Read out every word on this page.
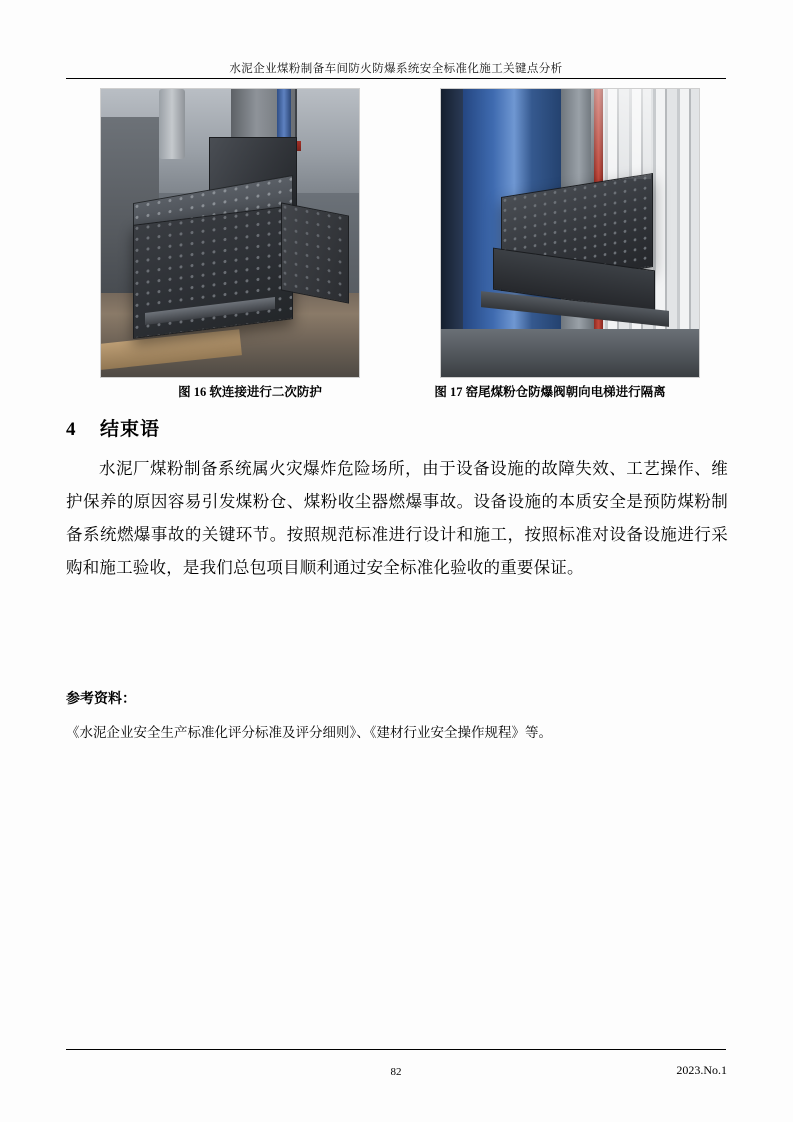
水泥企业煤粉制备车间防火防爆系统安全标准化施工关键点分析
图 16 软连接进行二次防护	图 17 窑尾煤粉仓防爆阀朝向电梯进行隔离
4 结束语
水泥厂煤粉制备系统属火灾爆炸危险场所，由于设备设施的故障失效、工艺操作、维护保养的原因容易引发煤粉仓、煤粉收尘器燃爆事故。设备设施的本质安全是预防煤粉制备系统燃爆事故的关键环节。按照规范标准进行设计和施工，按照标准对设备设施进行采购和施工验收，是我们总包项目顺利通过安全标准化验收的重要保证。
参考资料：
《水泥企业安全生产标准化评分标准及评分细则》、《建材行业安全操作规程》等。
82	2023.No.1
